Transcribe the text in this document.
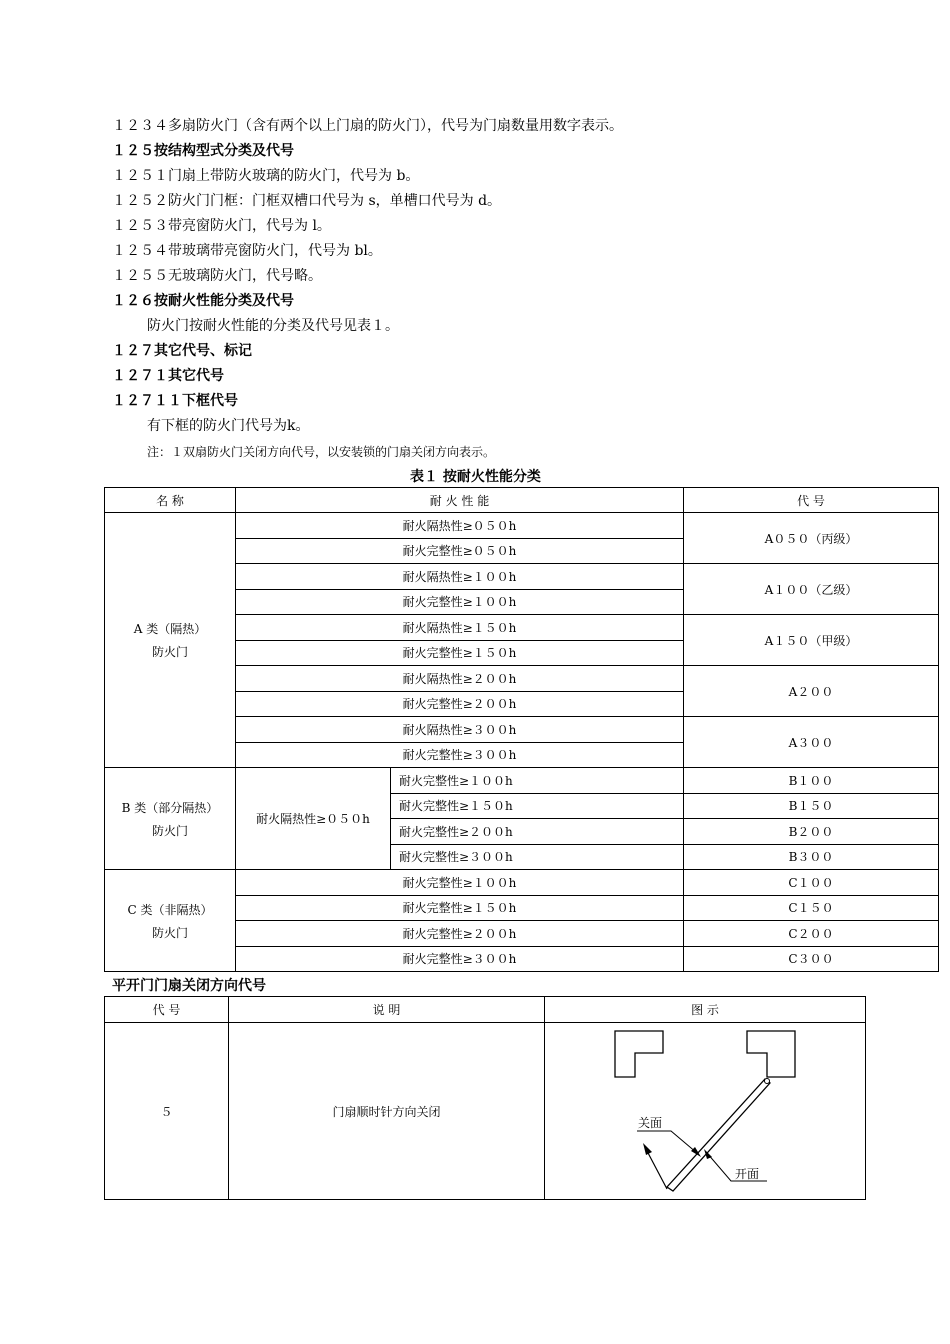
１２３４多扇防火门（含有两个以上门扇的防火门），代号为门扇数量用数字表示。
１２５按结构型式分类及代号
１２５１门扇上带防火玻璃的防火门，代号为 b。
１２５２防火门门框：门框双槽口代号为 s，单槽口代号为 d。
１２５３带亮窗防火门，代号为 l。
１２５４带玻璃带亮窗防火门，代号为 bl。
１２５５无玻璃防火门，代号略。
１２６按耐火性能分类及代号
防火门按耐火性能的分类及代号见表１。
１２７其它代号、标记
１２７１其它代号
１２７１１下框代号
有下框的防火门代号为k。
注：１双扇防火门关闭方向代号，以安装锁的门扇关闭方向表示。
表１ 按耐火性能分类
名 称	耐 火 性 能		代 号

A 类（隔热）
防火门	耐火隔热性≥０５０h		A０５０（丙级）
	耐火完整性≥０５０h		
	耐火隔热性≥１００h		A１００（乙级）
	耐火完整性≥１００h		
	耐火隔热性≥１５０h		A１５０（甲级）
	耐火完整性≥１５０h		
	耐火隔热性≥２００h		A２００
	耐火完整性≥２００h		
	耐火隔热性≥３００h		A３００
	耐火完整性≥３００h		

B 类（部分隔热）
防火门	耐火隔热性≥０５０h	耐火完整性≥１００h	B１００
		耐火完整性≥１５０h	B１５０
		耐火完整性≥２００h	B２００
		耐火完整性≥３００h	B３００

C 类（非隔热）
防火门	耐火完整性≥１００h		C１００
	耐火完整性≥１５０h		C１５０
	耐火完整性≥２００h		C２００
	耐火完整性≥３００h		C３００
平开门门扇关闭方向代号
代 号	说 明	图 示
５	门扇顺时针方向关闭	关面
开面
